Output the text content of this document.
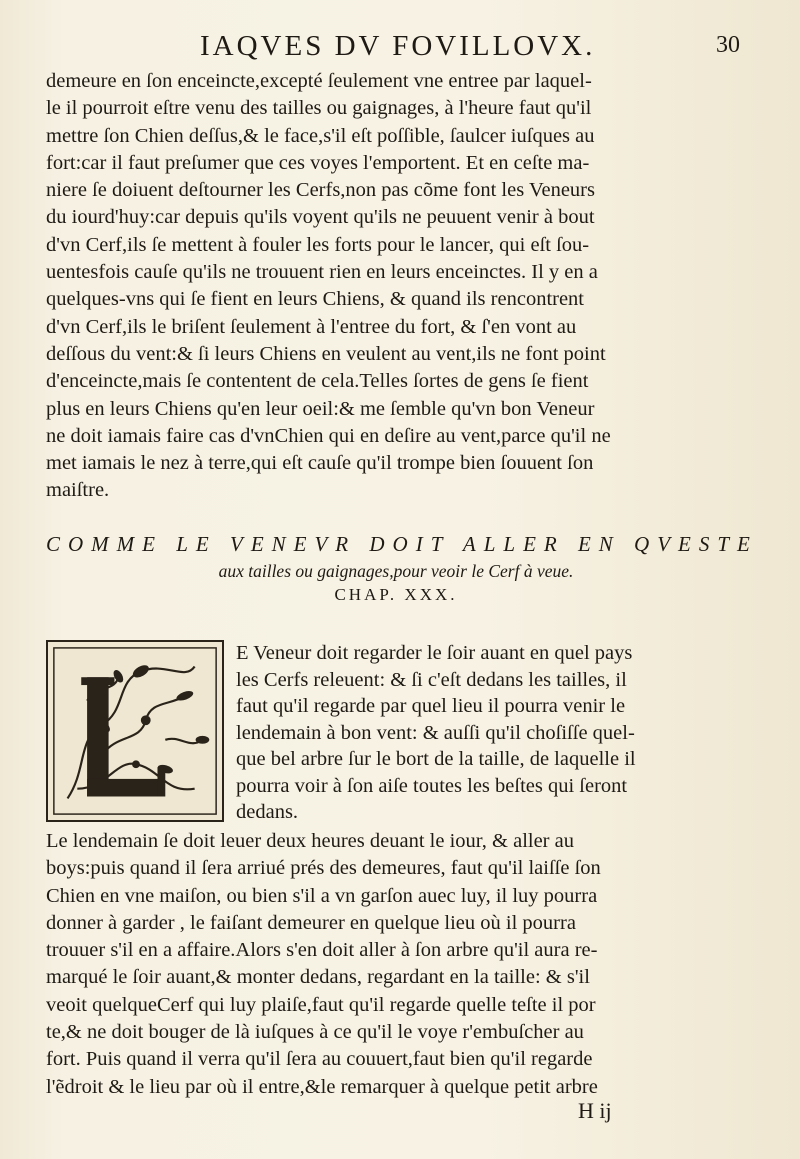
IAQVES DV FOVILLOVX.	30
demeure en ſon enceincte,excepté ſeulement vne entree par laquel-
le il pourroit eſtre venu des tailles ou gaignages, à l'heure faut qu'il
mettre ſon Chien deſſus,& le face,s'il eſt poſſible, ſaulcer iuſques au
fort:car il faut preſumer que ces voyes l'emportent. Et en ceſte ma-
niere ſe doiuent deſtourner les Cerfs,non pas cõme font les Veneurs
du iourd'huy:car depuis qu'ils voyent qu'ils ne peuuent venir à bout
d'vn Cerf,ils ſe mettent à fouler les forts pour le lancer, qui eſt ſou-
uentesfois cauſe qu'ils ne trouuent rien en leurs enceinctes. Il y en a
quelques-vns qui ſe fient en leurs Chiens, & quand ils rencontrent
d'vn Cerf,ils le briſent ſeulement à l'entree du fort, & ſ'en vont au
deſſous du vent:& ſi leurs Chiens en veulent au vent,ils ne font point
d'enceincte,mais ſe contentent de cela.Telles ſortes de gens ſe fient
plus en leurs Chiens qu'en leur oeil:& me ſemble qu'vn bon Veneur
ne doit iamais faire cas d'vnChien qui en deſire au vent,parce qu'il ne
met iamais le nez à terre,qui eſt cauſe qu'il trompe bien ſouuent ſon
maiſtre.
COMME LE VENEVR DOIT ALLER EN QVESTE
aux tailles ou gaignages,pour veoir le Cerf à veue.
CHAP. XXX.
E Veneur doit regarder le ſoir auant en quel pays
les Cerfs releuent: & ſi c'eſt dedans les tailles, il
faut qu'il regarde par quel lieu il pourra venir le
lendemain à bon vent: & auſſi qu'il choſiſſe quel-
que bel arbre ſur le bort de la taille, de laquelle il
pourra voir à ſon aiſe toutes les beſtes qui ſeront
dedans.
Le lendemain ſe doit leuer deux heures deuant le iour, & aller au
boys:puis quand il ſera arriué prés des demeures, faut qu'il laiſſe ſon
Chien en vne maiſon, ou bien s'il a vn garſon auec luy, il luy pourra
donner à garder , le faiſant demeurer en quelque lieu où il pourra
trouuer s'il en a affaire.Alors s'en doit aller à ſon arbre qu'il aura re-
marqué le ſoir auant,& monter dedans, regardant en la taille: & s'il
veoit quelqueCerf qui luy plaiſe,faut qu'il regarde quelle teſte il por
te,& ne doit bouger de là iuſques à ce qu'il le voye r'embuſcher au
fort. Puis quand il verra qu'il ſera au couuert,faut bien qu'il regarde
l'ẽdroit & le lieu par où il entre,&le remarquer à quelque petit arbre
H ij
